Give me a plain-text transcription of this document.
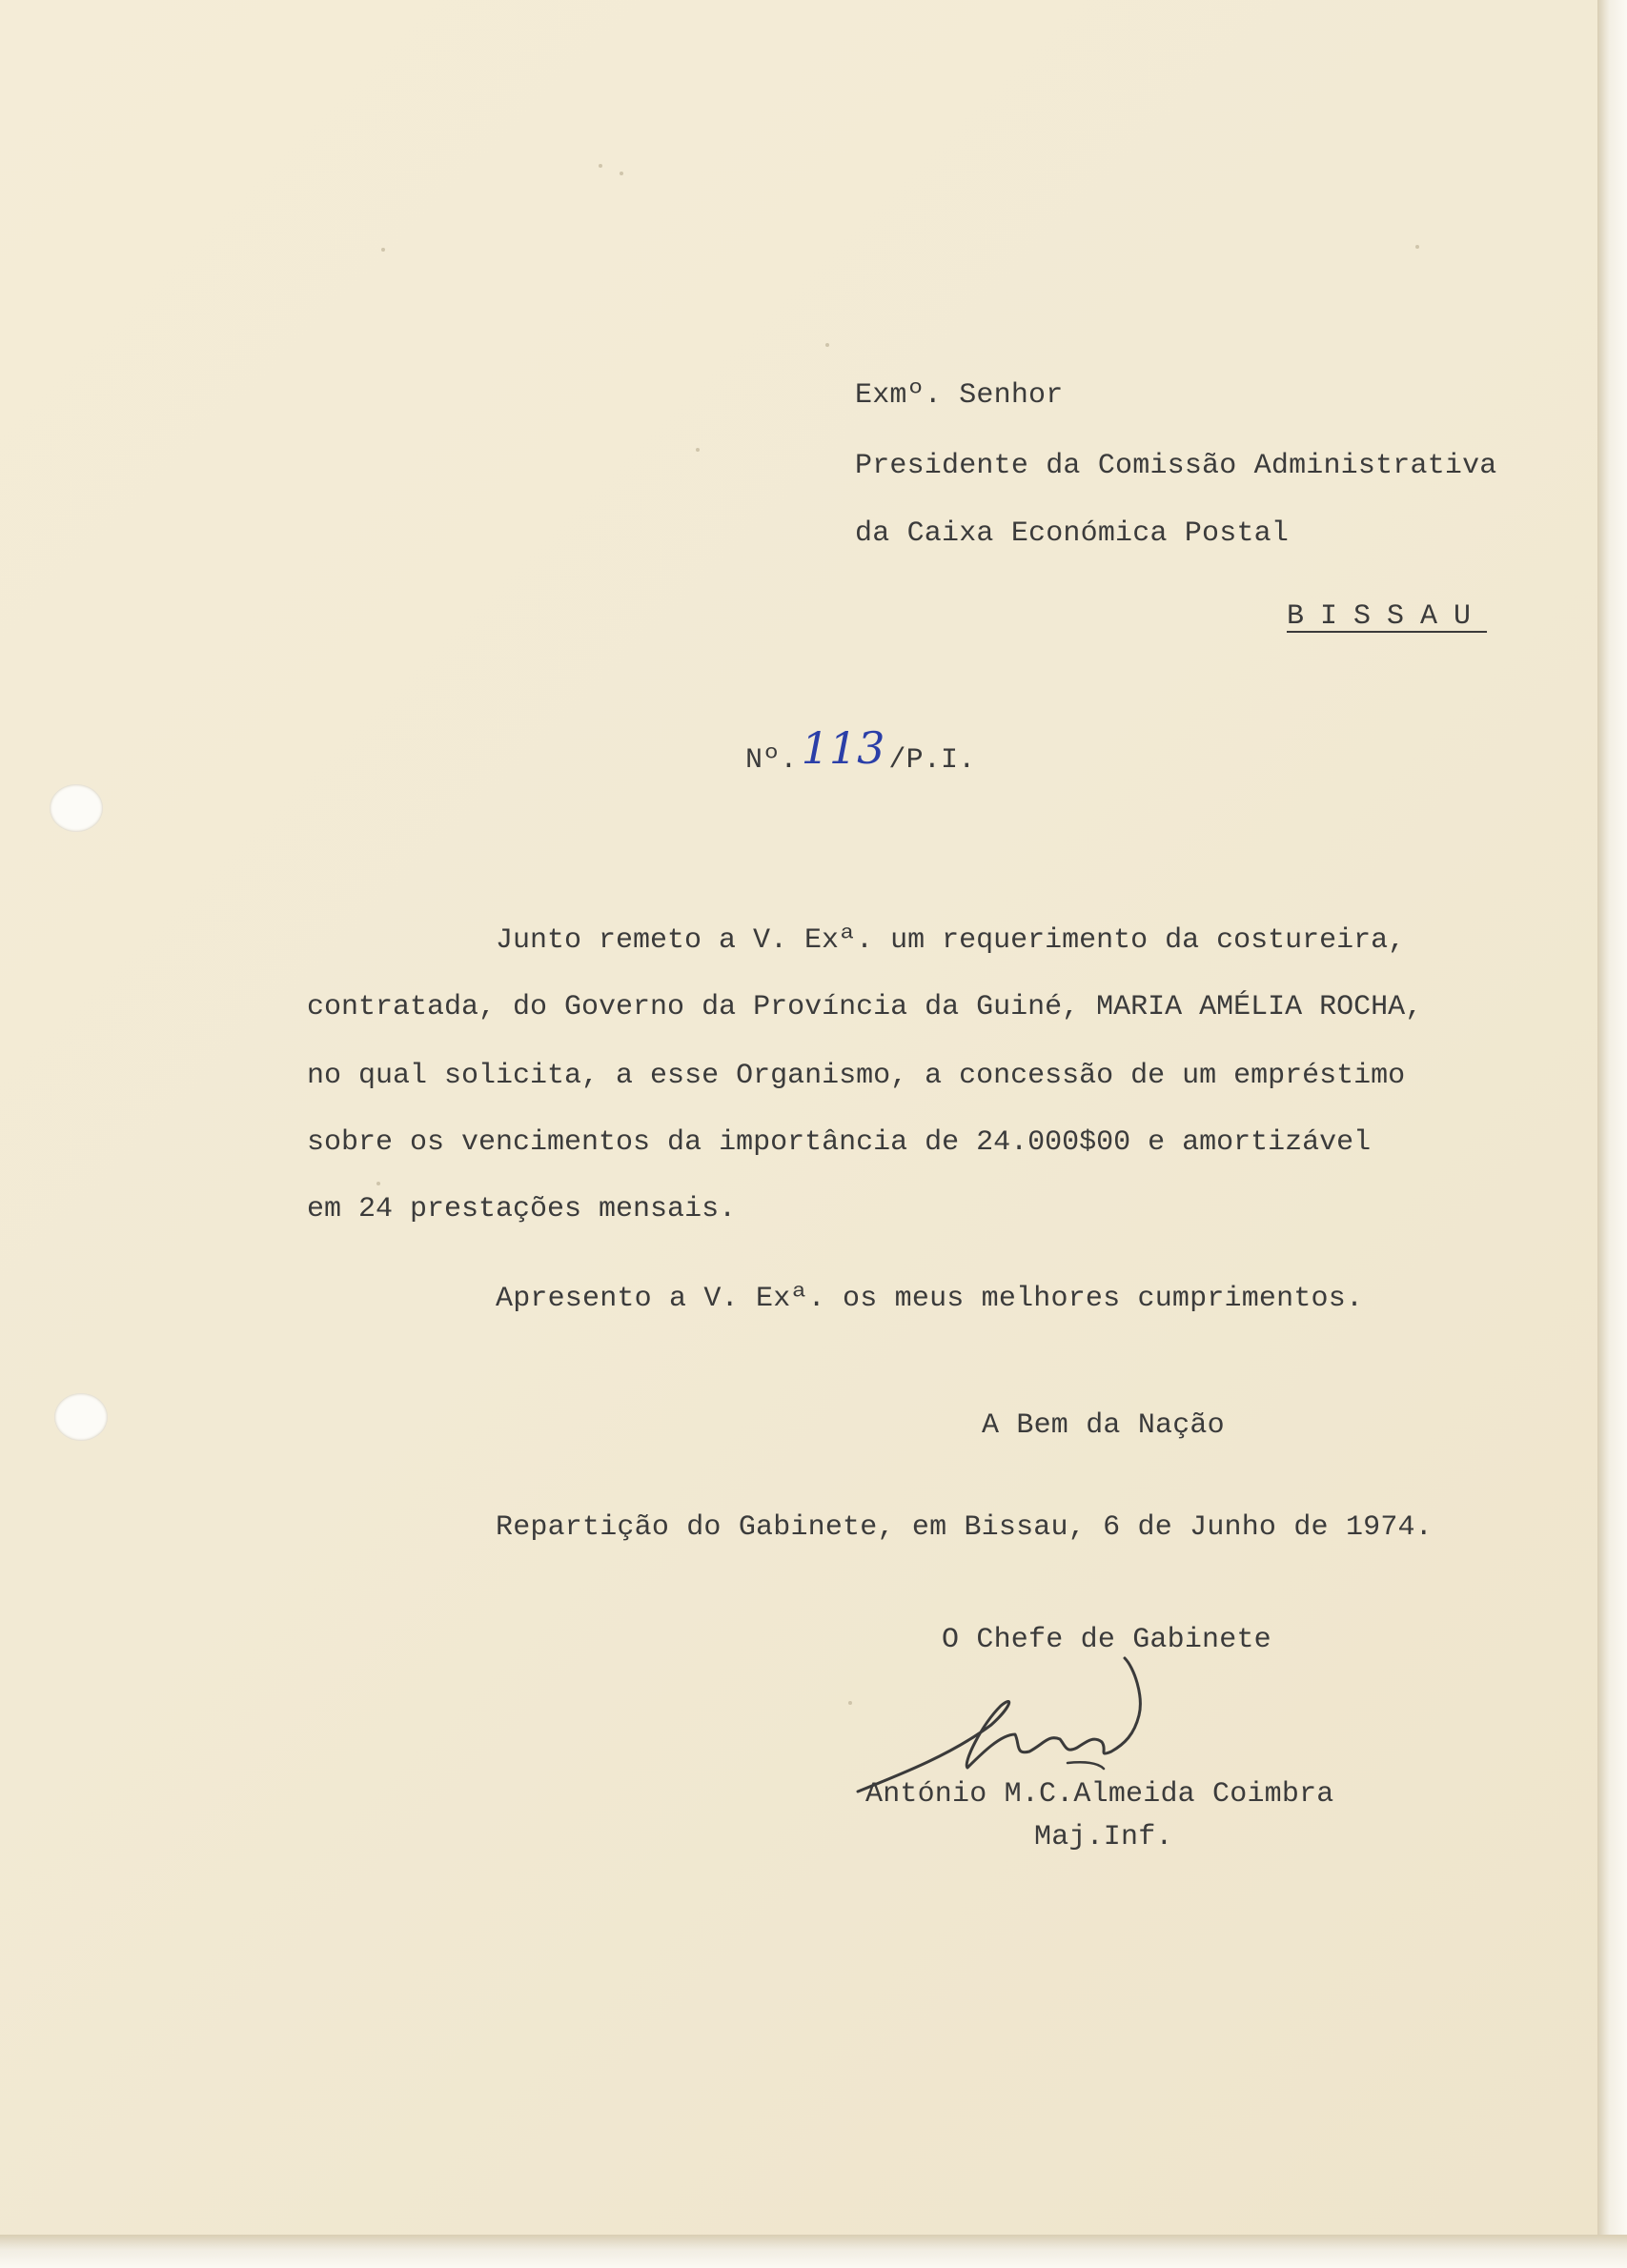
Exmº. Senhor

Presidente da Comissão Administrativa

da Caixa Económica Postal

BISSAU

Nº. 113 /P.I.

Junto remeto a V. Exª. um requerimento da costureira,

contratada, do Governo da Província da Guiné, MARIA AMÉLIA ROCHA,

no qual solicita, a esse Organismo, a concessão de um empréstimo

sobre os vencimentos da importância de 24.000$00 e amortizável

em 24 prestações mensais.

Apresento a V. Exª. os meus melhores cumprimentos.

A Bem da Nação

Repartição do Gabinete, em Bissau, 6 de Junho de 1974.

O Chefe de Gabinete

António M.C.Almeida Coimbra

Maj.Inf.
